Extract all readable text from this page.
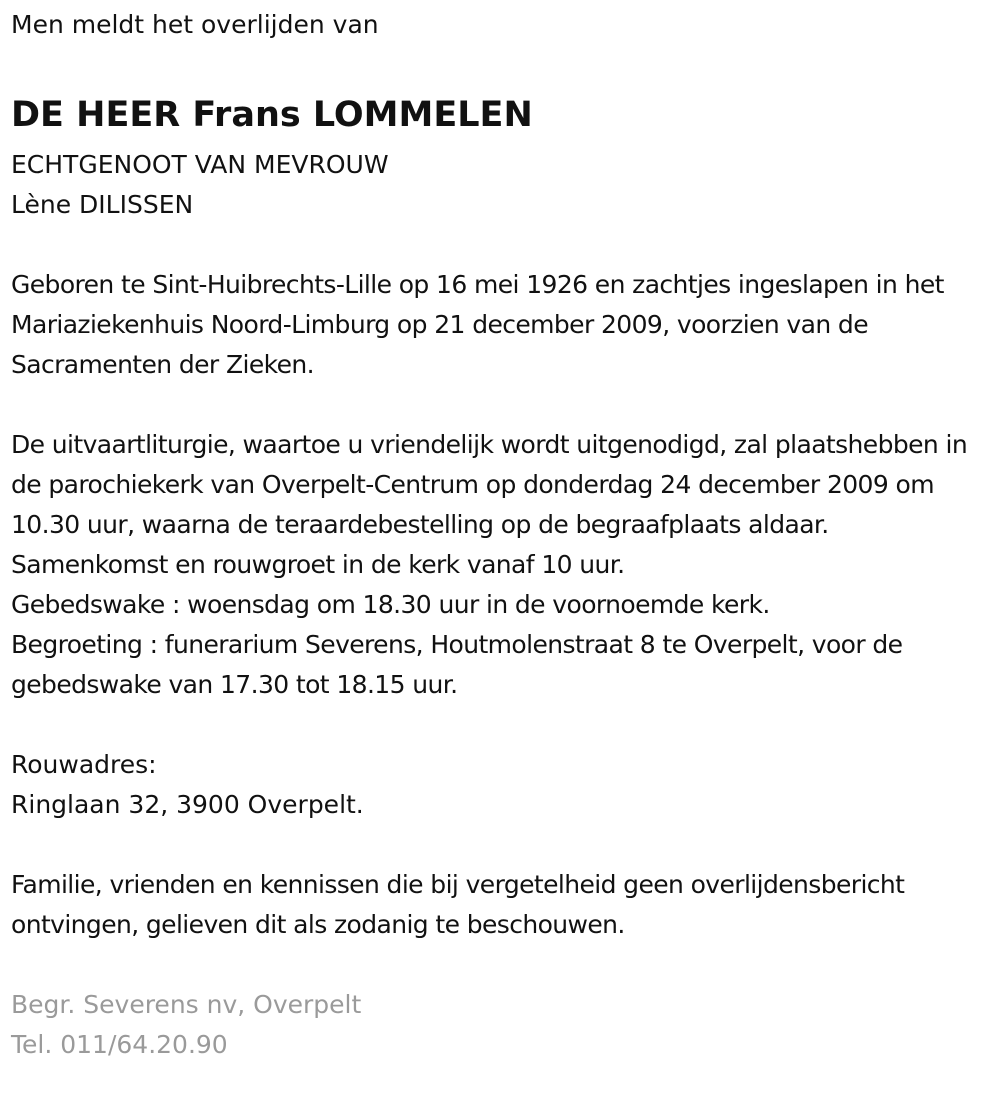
Men meldt het overlijden van
DE HEER Frans LOMMELEN
ECHTGENOOT VAN MEVROUW
Lène DILISSEN
Geboren te Sint-Huibrechts-Lille op 16 mei 1926 en zachtjes ingeslapen in het Mariaziekenhuis Noord-Limburg op 21 december 2009, voorzien van de Sacramenten der Zieken.
De uitvaartliturgie, waartoe u vriendelijk wordt uitgenodigd, zal plaatshebben in de parochiekerk van Overpelt-Centrum op donderdag 24 december 2009 om 10.30 uur, waarna de teraardebestelling op de begraafplaats aldaar.
Samenkomst en rouwgroet in de kerk vanaf 10 uur.
Gebedswake : woensdag om 18.30 uur in de voornoemde kerk.
Begroeting : funerarium Severens, Houtmolenstraat 8 te Overpelt, voor de gebedswake van 17.30 tot 18.15 uur.
Rouwadres:
Ringlaan 32, 3900 Overpelt.
Familie, vrienden en kennissen die bij vergetelheid geen overlijdensbericht ontvingen, gelieven dit als zodanig te beschouwen.
Begr. Severens nv, Overpelt
Tel. 011/64.20.90
